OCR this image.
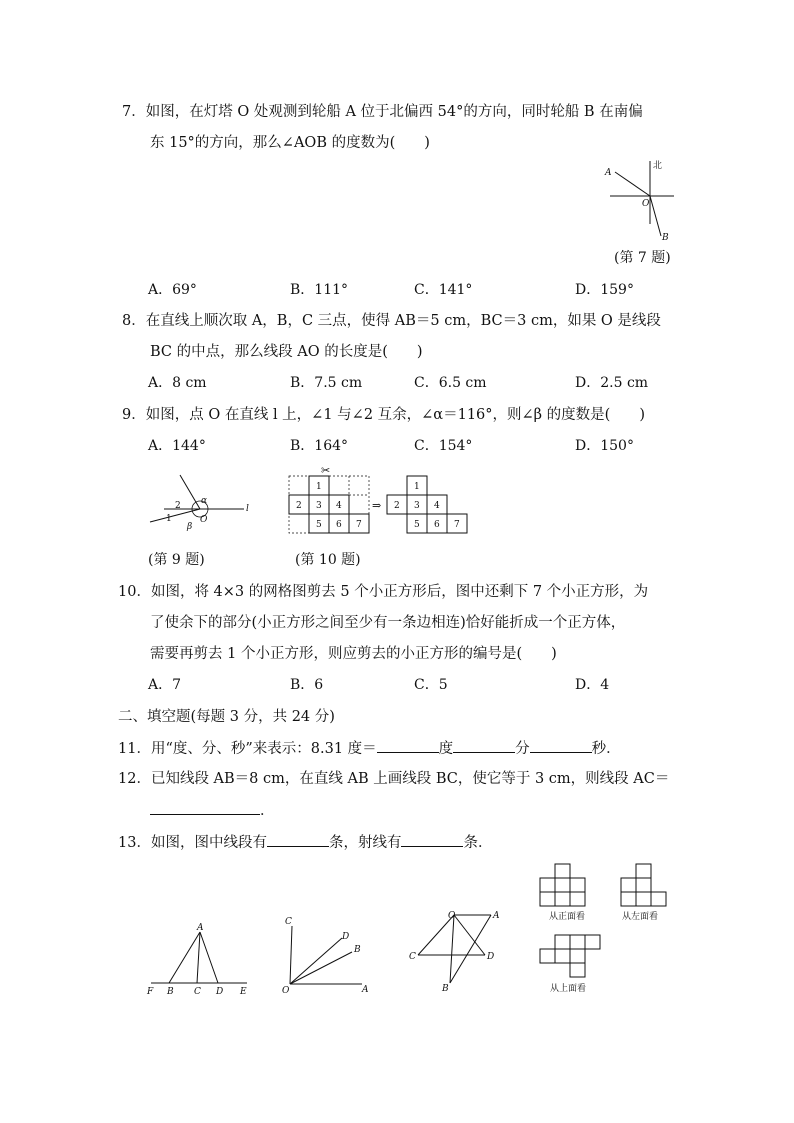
7．如图，在灯塔 O 处观测到轮船 A 位于北偏西 54°的方向，同时轮船 B 在南偏
东 15°的方向，那么∠AOB 的度数为(　　)
北
A
O
B
(第 7 题)
A．69°	B．111°	C．141°	D．159°
8．在直线上顺次取 A，B，C 三点，使得 AB＝5 cm，BC＝3 cm，如果 O 是线段
BC 的中点，那么线段 AO 的长度是(　　)
A．8 cm	B．7.5 cm	C．6.5 cm	D．2.5 cm
9．如图，点 O 在直线 l 上，∠1 与∠2 互余，∠α＝116°，则∠β 的度数是(　　)
A．144°	B．164°	C．154°	D．150°
2
1
α
β
O
l
(第 9 题)
✂
1
2 3 4
5 6 7
⇒
1
2 3 4
5 6 7
(第 10 题)
10．如图，将 4×3 的网格图剪去 5 个小正方形后，图中还剩下 7 个小正方形，为
了使余下的部分(小正方形之间至少有一条边相连)恰好能折成一个正方体，
需要再剪去 1 个小正方形，则应剪去的小正方形的编号是(　　)
A．7	B．6	C．5	D．4
二、填空题(每题 3 分，共 24 分)
11．用“度、分、秒”来表示：8.31 度＝	度	分	秒．
12．已知线段 AB＝8 cm，在直线 AB 上画线段 BC，使它等于 3 cm，则线段 AC＝
．
13．如图，图中线段有	条，射线有	条．
A
F B C D E
C
D
B
O	A
O	A
C	D
B
从正面看	从左面看
从上面看
